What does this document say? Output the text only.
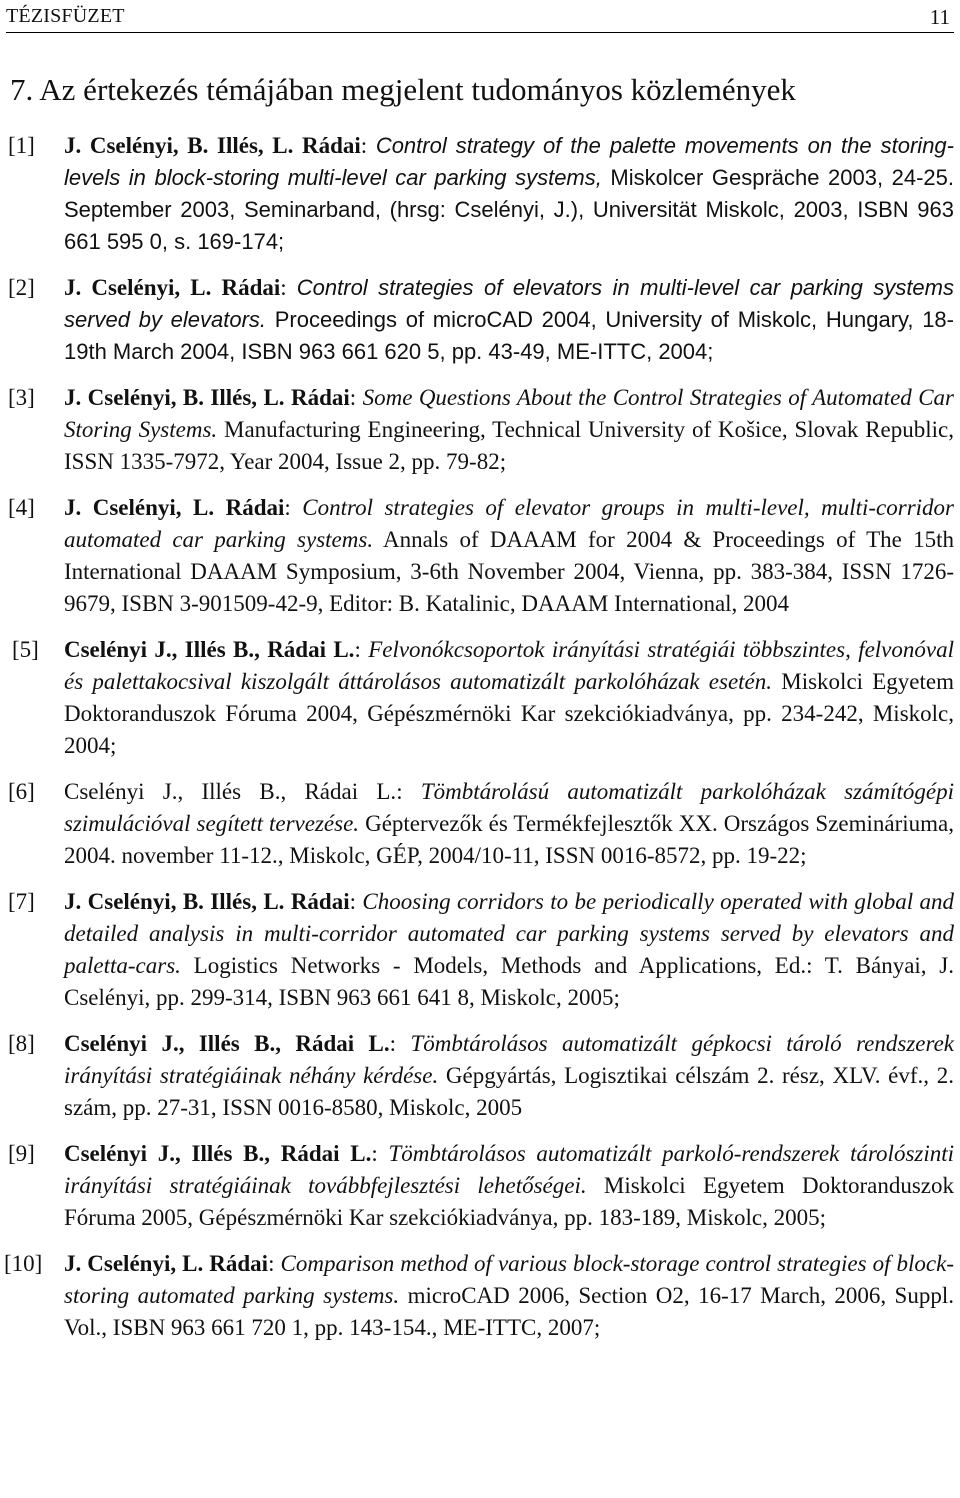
TÉZISFÜZET	11
7. Az értekezés témájában megjelent tudományos közlemények
[1] J. Cselényi, B. Illés, L. Rádai: Control strategy of the palette movements on the storing-levels in block-storing multi-level car parking systems, Miskolcer Gespräche 2003, 24-25. September 2003, Seminarband, (hrsg: Cselényi, J.), Universität Miskolc, 2003, ISBN 963 661 595 0, s. 169-174;
[2] J. Cselényi, L. Rádai: Control strategies of elevators in multi-level car parking systems served by elevators. Proceedings of microCAD 2004, University of Miskolc, Hungary, 18-19th March 2004, ISBN 963 661 620 5, pp. 43-49, ME-ITTC, 2004;
[3] J. Cselényi, B. Illés, L. Rádai: Some Questions About the Control Strategies of Automated Car Storing Systems. Manufacturing Engineering, Technical University of Košice, Slovak Republic, ISSN 1335-7972, Year 2004, Issue 2, pp. 79-82;
[4] J. Cselényi, L. Rádai: Control strategies of elevator groups in multi-level, multi-corridor automated car parking systems. Annals of DAAAM for 2004 & Proceedings of The 15th International DAAAM Symposium, 3-6th November 2004, Vienna, pp. 383-384, ISSN 1726-9679, ISBN 3-901509-42-9, Editor: B. Katalinic, DAAAM International, 2004
[5] Cselényi J., Illés B., Rádai L.: Felvonókcsoportok irányítási stratégiái többszintes, felvonóval és palettakocsival kiszolgált áttárolásos automatizált parkolóházak esetén. Miskolci Egyetem Doktoranduszok Fóruma 2004, Gépészmérnöki Kar szekciókiadványa, pp. 234-242, Miskolc, 2004;
[6] Cselényi J., Illés B., Rádai L.: Tömbtárolású automatizált parkolóházak számítógépi szimulációval segített tervezése. Géptervezők és Termékfejlesztők XX. Országos Szemináriuma, 2004. november 11-12., Miskolc, GÉP, 2004/10-11, ISSN 0016-8572, pp. 19-22;
[7] J. Cselényi, B. Illés, L. Rádai: Choosing corridors to be periodically operated with global and detailed analysis in multi-corridor automated car parking systems served by elevators and paletta-cars. Logistics Networks - Models, Methods and Applications, Ed.: T. Bányai, J. Cselényi, pp. 299-314, ISBN 963 661 641 8, Miskolc, 2005;
[8] Cselényi J., Illés B., Rádai L.: Tömbtárolásos automatizált gépkocsi tároló rendszerek irányítási stratégiáinak néhány kérdése. Gépgyártás, Logisztikai célszám 2. rész, XLV. évf., 2. szám, pp. 27-31, ISSN 0016-8580, Miskolc, 2005
[9] Cselényi J., Illés B., Rádai L.: Tömbtárolásos automatizált parkoló-rendszerek tárolószinti irányítási stratégiáinak továbbfejlesztési lehetőségei. Miskolci Egyetem Doktoranduszok Fóruma 2005, Gépészmérnöki Kar szekciókiadványa, pp. 183-189, Miskolc, 2005;
[10] J. Cselényi, L. Rádai: Comparison method of various block-storage control strategies of block-storing automated parking systems. microCAD 2006, Section O2, 16-17 March, 2006, Suppl. Vol., ISBN 963 661 720 1, pp. 143-154., ME-ITTC, 2007;
